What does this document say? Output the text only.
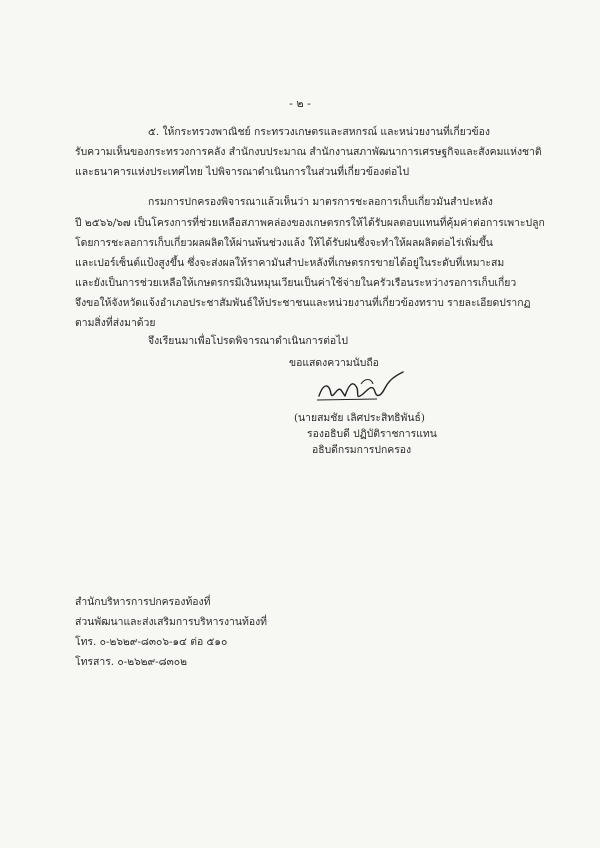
- ๒ -
๕. ให้กระทรวงพาณิชย์ กระทรวงเกษตรและสหกรณ์ และหน่วยงานที่เกี่ยวข้อง
รับความเห็นของกระทรวงการคลัง สำนักงบประมาณ สำนักงานสภาพัฒนาการเศรษฐกิจและสังคมแห่งชาติ
และธนาคารแห่งประเทศไทย ไปพิจารณาดำเนินการในส่วนที่เกี่ยวข้องต่อไป
กรมการปกครองพิจารณาแล้วเห็นว่า มาตรการชะลอการเก็บเกี่ยวมันสำปะหลัง
ปี ๒๕๖๖/๖๗ เป็นโครงการที่ช่วยเหลือสภาพคล่องของเกษตรกรให้ได้รับผลตอบแทนที่คุ้มค่าต่อการเพาะปลูก
โดยการชะลอการเก็บเกี่ยวผลผลิตให้ผ่านพ้นช่วงแล้ง ให้ได้รับฝนซึ่งจะทำให้ผลผลิตต่อไร่เพิ่มขึ้น
และเปอร์เซ็นต์แป้งสูงขึ้น ซึ่งจะส่งผลให้ราคามันสำปะหลังที่เกษตรกรขายได้อยู่ในระดับที่เหมาะสม
และยังเป็นการช่วยเหลือให้เกษตรกรมีเงินหมุนเวียนเป็นค่าใช้จ่ายในครัวเรือนระหว่างรอการเก็บเกี่ยว
จึงขอให้จังหวัดแจ้งอำเภอประชาสัมพันธ์ให้ประชาชนและหน่วยงานที่เกี่ยวข้องทราบ รายละเอียดปรากฏ
ตามสิ่งที่ส่งมาด้วย
จึงเรียนมาเพื่อโปรดพิจารณาดำเนินการต่อไป
ขอแสดงความนับถือ
(นายสมชัย เลิศประสิทธิพันธ์)
รองอธิบดี ปฏิบัติราชการแทน
อธิบดีกรมการปกครอง
สำนักบริหารการปกครองท้องที่
ส่วนพัฒนาและส่งเสริมการบริหารงานท้องที่
โทร. ๐-๒๖๒๙-๘๓๐๖-๑๔ ต่อ ๕๑๐
โทรสาร. ๐-๒๖๒๙-๘๓๐๒
